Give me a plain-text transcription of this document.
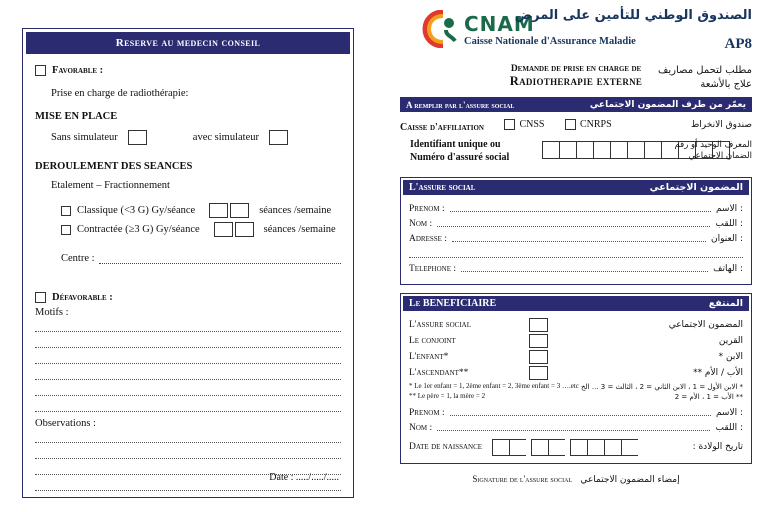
Reserve au medecin conseil
Favorable :
Prise en charge de radiothérapie:
MISE EN PLACE
Sans simulateur	avec simulateur
DEROULEMENT DES SEANCES
Etalement – Fractionnement
Classique (<3 G) Gy/séance	séances /semaine
Contractée (≥3 G) Gy/séance	séances /semaine
Centre :
Défavorable :
Motifs :
Observations :
Date : ...../...../.....
CNAM
Caisse Nationale d'Assurance Maladie
الصندوق الوطني للتأمين على المرض
AP8
Demande de prise en charge de
Radiotherapie externe
مطلب لتحمل مصاريف
علاج بالأشعة
A remplir par l'assure social	يعمّر من طرف المضمون الاجتماعي
Caisse d'affiliation	CNSS
	CNRPS	صندوق الانخراط
Identifiant unique ou
Numéro d'assuré social
المعرف الوحيد أو رقم
الضمان الاجتماعي
L'assure social	المضمون الاجتماعي
Prenom :	: الاسم
Nom :	: اللقب
Adresse :	: العنوان
Telephone :	: الهاتف
Le BENEFICIAIRE	المنتفع
L'assure social	المضمون الاجتماعي
Le conjoint	القرين
L'enfant*	الابن *
L'ascendant**	الأب / الأم **
* Le 1er enfant = 1, 2ème enfant = 2, 3ème enfant = 3 ….etc
** Le père = 1, la mère = 2
* الابن الأول = 1 ، الابن الثاني = 2 ، الثالث = 3 ... الخ
** الأب = 1 ، الأم = 2
Prenom :	: الاسم
Nom :	: اللقب
Date de naissance	تاريخ الولادة :
Signature de l'assure social إمضاء المضمون الاجتماعي
